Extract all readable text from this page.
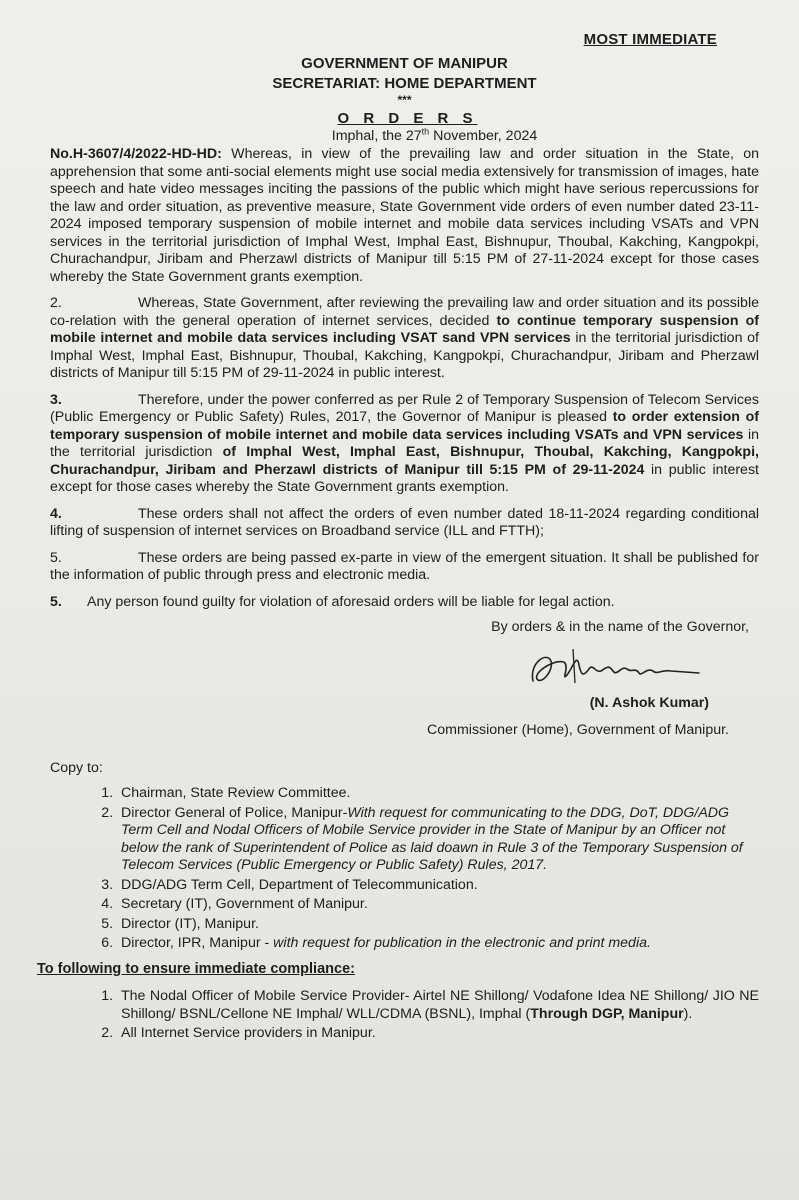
MOST IMMEDIATE
GOVERNMENT OF MANIPUR
SECRETARIAT: HOME DEPARTMENT
***
O R D E R S
Imphal, the 27th November, 2024

No.H-3607/4/2022-HD-HD: Whereas, in view of the prevailing law and order situation in the State, on apprehension that some anti-social elements might use social media extensively for transmission of images, hate speech and hate video messages inciting the passions of the public which might have serious repercussions for the law and order situation, as preventive measure, State Government vide orders of even number dated 23-11-2024 imposed temporary suspension of mobile internet and mobile data services including VSATs and VPN services in the territorial jurisdiction of Imphal West, Imphal East, Bishnupur, Thoubal, Kakching, Kangpokpi, Churachandpur, Jiribam and Pherzawl districts of Manipur till 5:15 PM of 27-11-2024 except for those cases whereby the State Government grants exemption.

2.	Whereas, State Government, after reviewing the prevailing law and order situation and its possible co-relation with the general operation of internet services, decided to continue temporary suspension of mobile internet and mobile data services including VSAT sand VPN services in the territorial jurisdiction of Imphal West, Imphal East, Bishnupur, Thoubal, Kakching, Kangpokpi, Churachandpur, Jiribam and Pherzawl districts of Manipur till 5:15 PM of 29-11-2024 in public interest.

3.	Therefore, under the power conferred as per Rule 2 of Temporary Suspension of Telecom Services (Public Emergency or Public Safety) Rules, 2017, the Governor of Manipur is pleased to order extension of temporary suspension of mobile internet and mobile data services including VSATs and VPN services in the territorial jurisdiction of Imphal West, Imphal East, Bishnupur, Thoubal, Kakching, Kangpokpi, Churachandpur, Jiribam and Pherzawl districts of Manipur till 5:15 PM of 29-11-2024 in public interest except for those cases whereby the State Government grants exemption.

4.	These orders shall not affect the orders of even number dated 18-11-2024 regarding conditional lifting of suspension of internet services on Broadband service (ILL and FTTH);

5.	These orders are being passed ex-parte in view of the emergent situation. It shall be published for the information of public through press and electronic media.

5. Any person found guilty for violation of aforesaid orders will be liable for legal action.

By orders & in the name of the Governor,
(N. Ashok Kumar)
Commissioner (Home), Government of Manipur.
Copy to:
1. Chairman, State Review Committee.
2. Director General of Police, Manipur-With request for communicating to the DDG, DoT, DDG/ADG Term Cell and Nodal Officers of Mobile Service provider in the State of Manipur by an Officer not below the rank of Superintendent of Police as laid doawn in Rule 3 of the Temporary Suspension of Telecom Services (Public Emergency or Public Safety) Rules, 2017.
3. DDG/ADG Term Cell, Department of Telecommunication.
4. Secretary (IT), Government of Manipur.
5. Director (IT), Manipur.
6. Director, IPR, Manipur - with request for publication in the electronic and print media.
To following to ensure immediate compliance:
1. The Nodal Officer of Mobile Service Provider- Airtel NE Shillong/ Vodafone Idea NE Shillong/ JIO NE Shillong/ BSNL/Cellone NE Imphal/ WLL/CDMA (BSNL), Imphal (Through DGP, Manipur).
2. All Internet Service providers in Manipur.
